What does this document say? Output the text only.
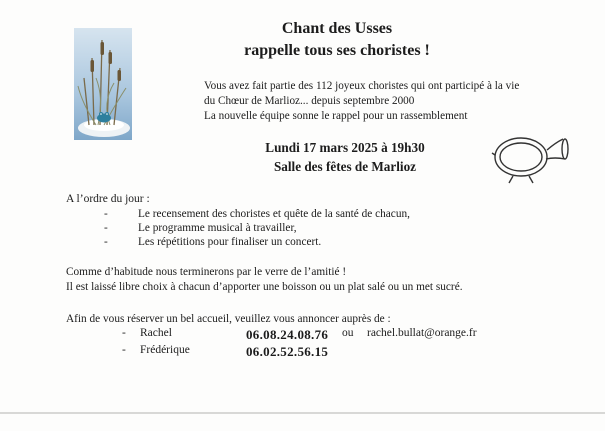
Chant des Usses
rappelle tous ses choristes !
Vous avez fait partie des 112 joyeux choristes qui ont participé à la vie
du Chœur de Marlioz... depuis septembre 2000
La nouvelle équipe sonne le rappel pour un rassemblement
Lundi 17 mars 2025 à 19h30
Salle des fêtes de Marlioz
A l’ordre du jour :
-	Le recensement des choristes et quête de la santé de chacun,
-	Le programme musical à travailler,
-	Les répétitions pour finaliser un concert.
Comme d’habitude nous terminerons par le verre de l’amitié !
Il est laissé libre choix à chacun d’apporter une boisson ou un plat salé ou un met sucré.
Afin de vous réserver un bel accueil, veuillez vous annoncer auprès de :
- Rachel	06.08.24.08.76 ou rachel.bullat@orange.fr
- Frédérique	06.02.52.56.15
